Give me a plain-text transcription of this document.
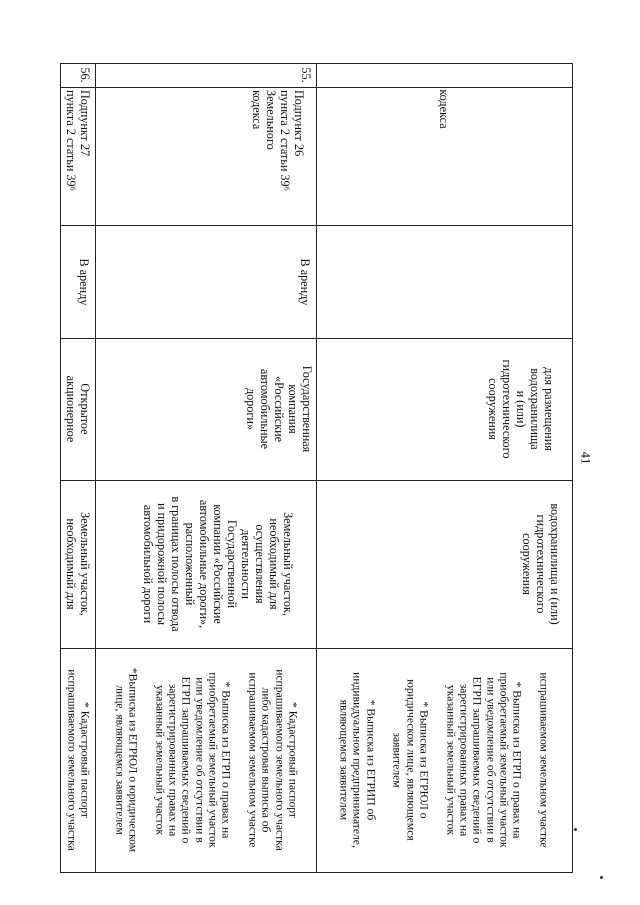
41
кодекса
для размещения
водохранилища
и (или)
гидротехнического
сооружения
водохранилища и (или)
гидротехнического
сооружения
испрашиваемом земельном участке

* Выписка из ЕГРП о правах на
приобретаемый земельный участок
или уведомление об отсутствии в
ЕГРП запрашиваемых сведений о
зарегистрированных правах на
указанный земельный участок

* Выписка из ЕГРЮЛ о
юридическом лице, являющемся
заявителем

* Выписка из ЕГРИП об
индивидуальном предпринимателе,
являющемся заявителем
55.
Подпункт 26
пункта 2 статьи 39⁶
Земельного
кодекса
В аренду
Государственная
компания
«Российские
автомобильные
дороги»
Земельный участок,
необходимый для
осуществления
деятельности
Государственной
компании «Российские
автомобильные дороги»,
расположенный
в границах полосы отвода
и придорожной полосы
автомобильной дороги
* Кадастровый паспорт
испрашиваемого земельного участка
либо кадастровая выписка об
испрашиваемом земельном участке

* Выписка из ЕГРП о правах на
приобретаемый земельный участок
или уведомление об отсутствии в
ЕГРП запрашиваемых сведений о
зарегистрированных правах на
указанный земельный участок

*Выписка из ЕГРЮЛ о юридическом
лице, являющемся заявителем
56.
Подпункт 27
пункта 2 статьи 39⁶
В аренду
Открытое
акционерное
Земельный участок,
необходимый для
* Кадастровый паспорт
испрашиваемого земельного участка
